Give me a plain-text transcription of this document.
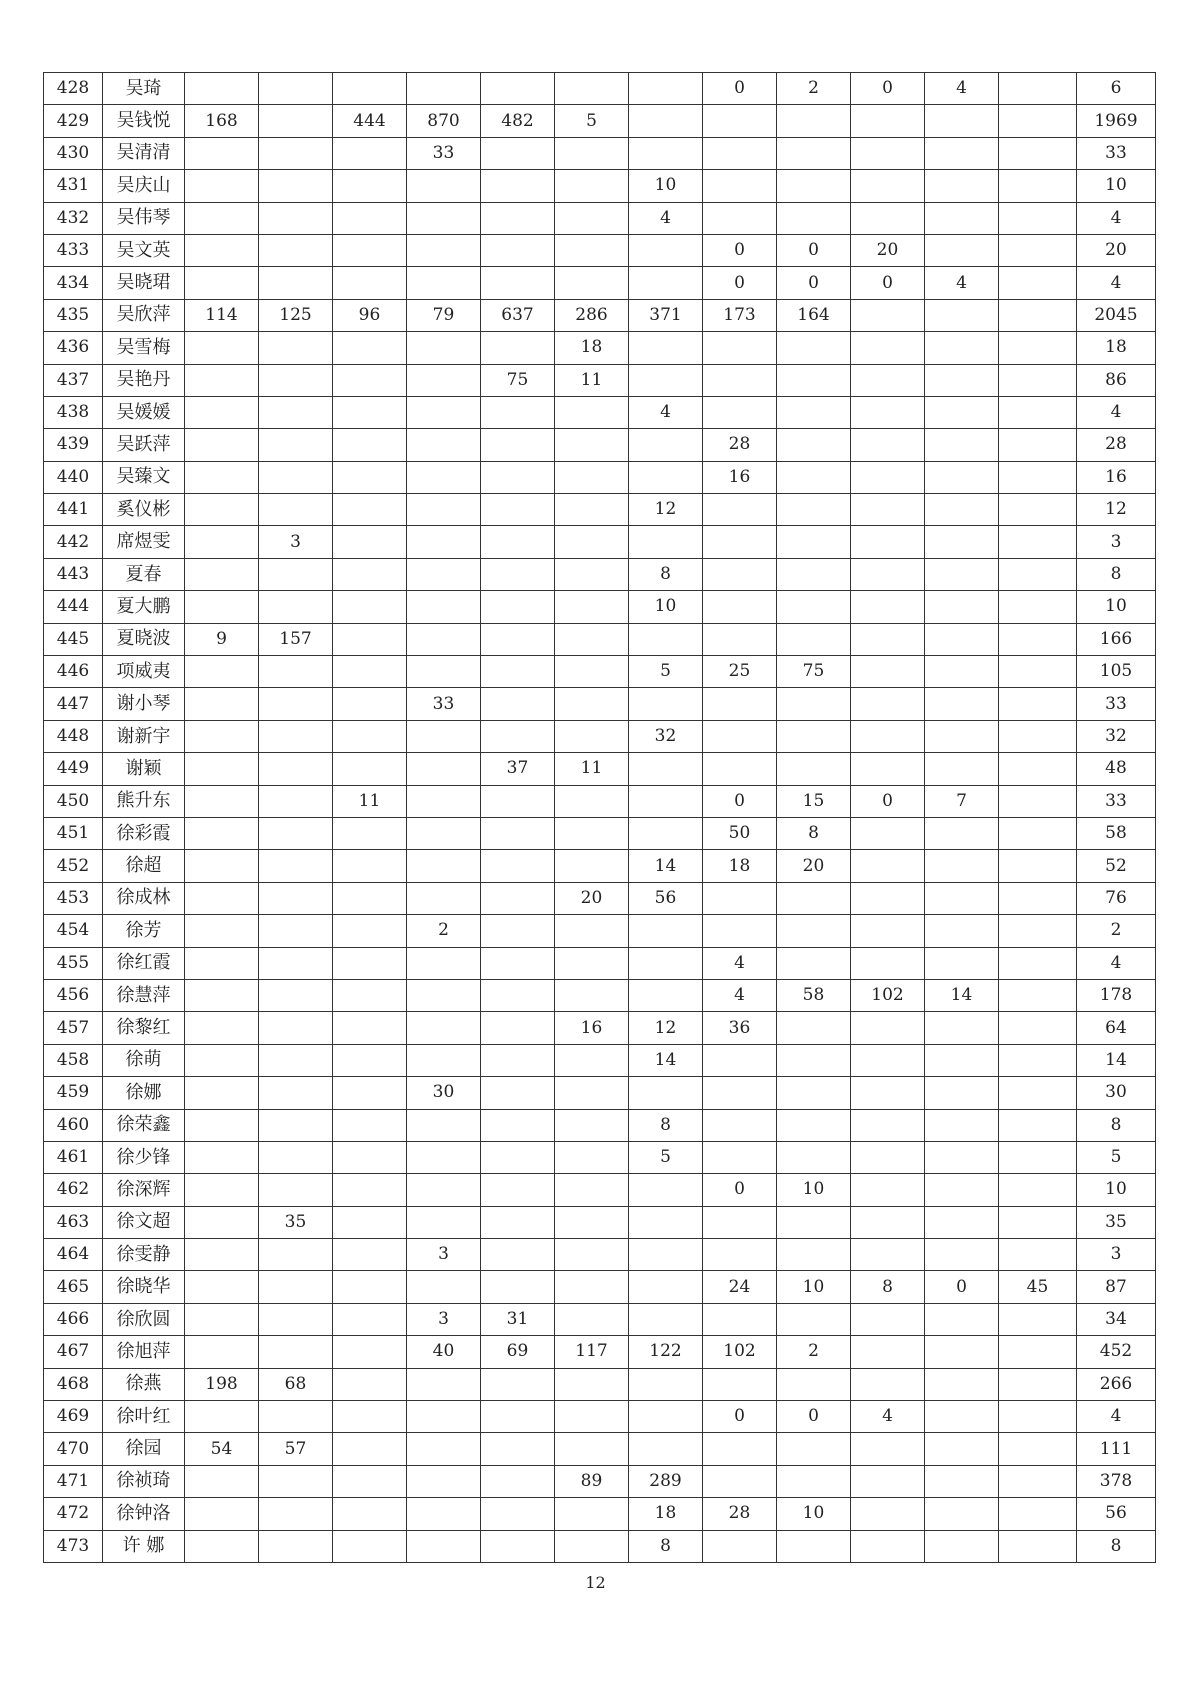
428	吴琦								0	2	0	4		6
429	吴钱悦	168		444	870	482	5							1969
430	吴清清				33									33
431	吴庆山							10						10
432	吴伟琴							4						4
433	吴文英								0	0	20			20
434	吴晓珺								0	0	0	4		4
435	吴欣萍	114	125	96	79	637	286	371	173	164				2045
436	吴雪梅						18							18
437	吴艳丹					75	11							86
438	吴媛媛							4						4
439	吴跃萍								28					28
440	吴臻文								16					16
441	奚仪彬							12						12
442	席煜雯		3											3
443	夏春							8						8
444	夏大鹏							10						10
445	夏晓波	9	157											166
446	项威夷							5	25	75				105
447	谢小琴				33									33
448	谢新宇							32						32
449	谢颖					37	11							48
450	熊升东			11					0	15	0	7		33
451	徐彩霞								50	8				58
452	徐超							14	18	20				52
453	徐成林						20	56						76
454	徐芳				2									2
455	徐红霞								4					4
456	徐慧萍								4	58	102	14		178
457	徐黎红						16	12	36					64
458	徐萌							14						14
459	徐娜				30									30
460	徐荣鑫							8						8
461	徐少锋							5						5
462	徐深辉								0	10				10
463	徐文超		35											35
464	徐雯静				3									3
465	徐晓华								24	10	8	0	45	87
466	徐欣圆				3	31								34
467	徐旭萍				40	69	117	122	102	2				452
468	徐燕	198	68											266
469	徐叶红								0	0	4			4
470	徐园	54	57											111
471	徐祯琦						89	289						378
472	徐钟洛							18	28	10				56
473	许 娜							8						8
12
